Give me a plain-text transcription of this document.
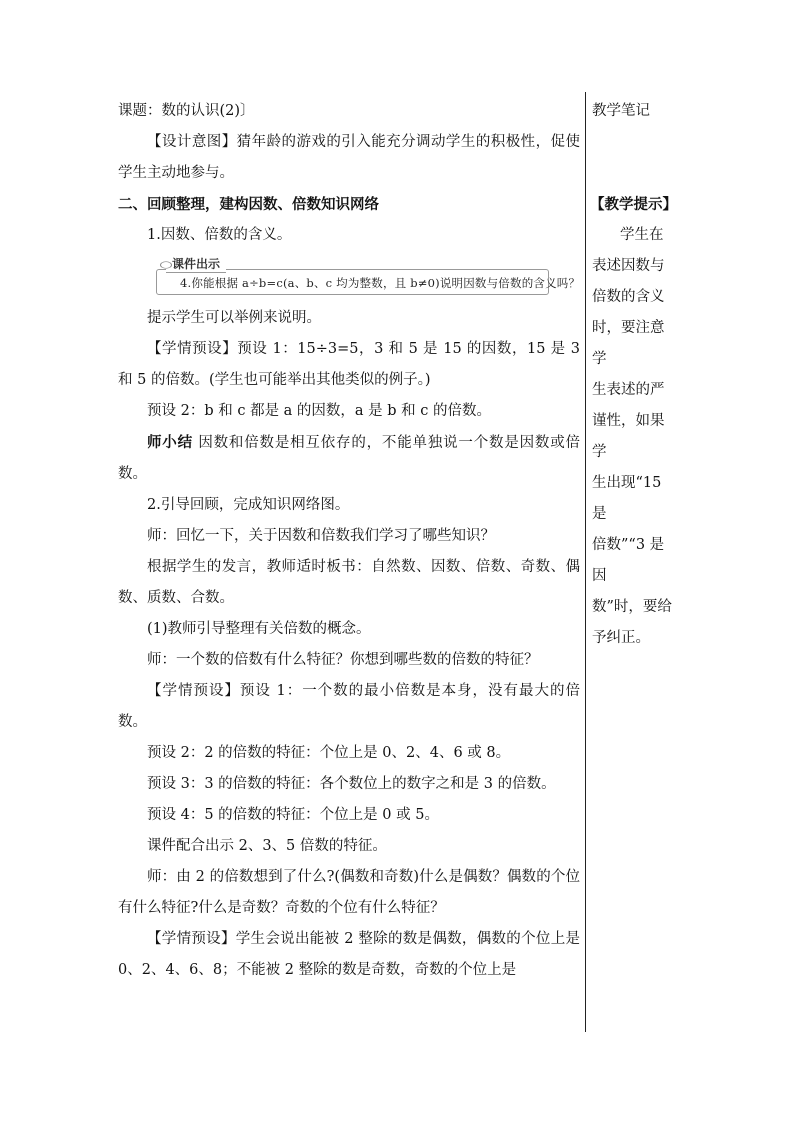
课题：数的认识(2)〕

【设计意图】猜年龄的游戏的引入能充分调动学生的积极性，促使学生主动地参与。

二、回顾整理，建构因数、倍数知识网络

1.因数、倍数的含义。

课件出示
4.你能根据 a÷b=c(a、b、c 均为整数，且 b≠0)说明因数与倍数的含义吗？

提示学生可以举例来说明。

【学情预设】预设 1：15÷3=5，3 和 5 是 15 的因数，15 是 3 和 5 的倍数。(学生也可能举出其他类似的例子。)

预设 2：b 和 c 都是 a 的因数，a 是 b 和 c 的倍数。

师小结 因数和倍数是相互依存的，不能单独说一个数是因数或倍数。

2.引导回顾，完成知识网络图。

师：回忆一下，关于因数和倍数我们学习了哪些知识？

根据学生的发言，教师适时板书：自然数、因数、倍数、奇数、偶数、质数、合数。

(1)教师引导整理有关倍数的概念。

师：一个数的倍数有什么特征？你想到哪些数的倍数的特征？

【学情预设】预设 1：一个数的最小倍数是本身，没有最大的倍数。

预设 2：2 的倍数的特征：个位上是 0、2、4、6 或 8。

预设 3：3 的倍数的特征：各个数位上的数字之和是 3 的倍数。

预设 4：5 的倍数的特征：个位上是 0 或 5。

课件配合出示 2、3、5 倍数的特征。

师：由 2 的倍数想到了什么?(偶数和奇数)什么是偶数？偶数的个位有什么特征?什么是奇数？奇数的个位有什么特征？

【学情预设】学生会说出能被 2 整除的数是偶数，偶数的个位上是 0、2、4、6、8；不能被 2 整除的数是奇数，奇数的个位上是

教学笔记

【教学提示】

学生在

表述因数与

倍数的含义

时，要注意学

生表述的严

谨性，如果学

生出现“15 是

倍数”“3 是因

数”时，要给

予纠正。
